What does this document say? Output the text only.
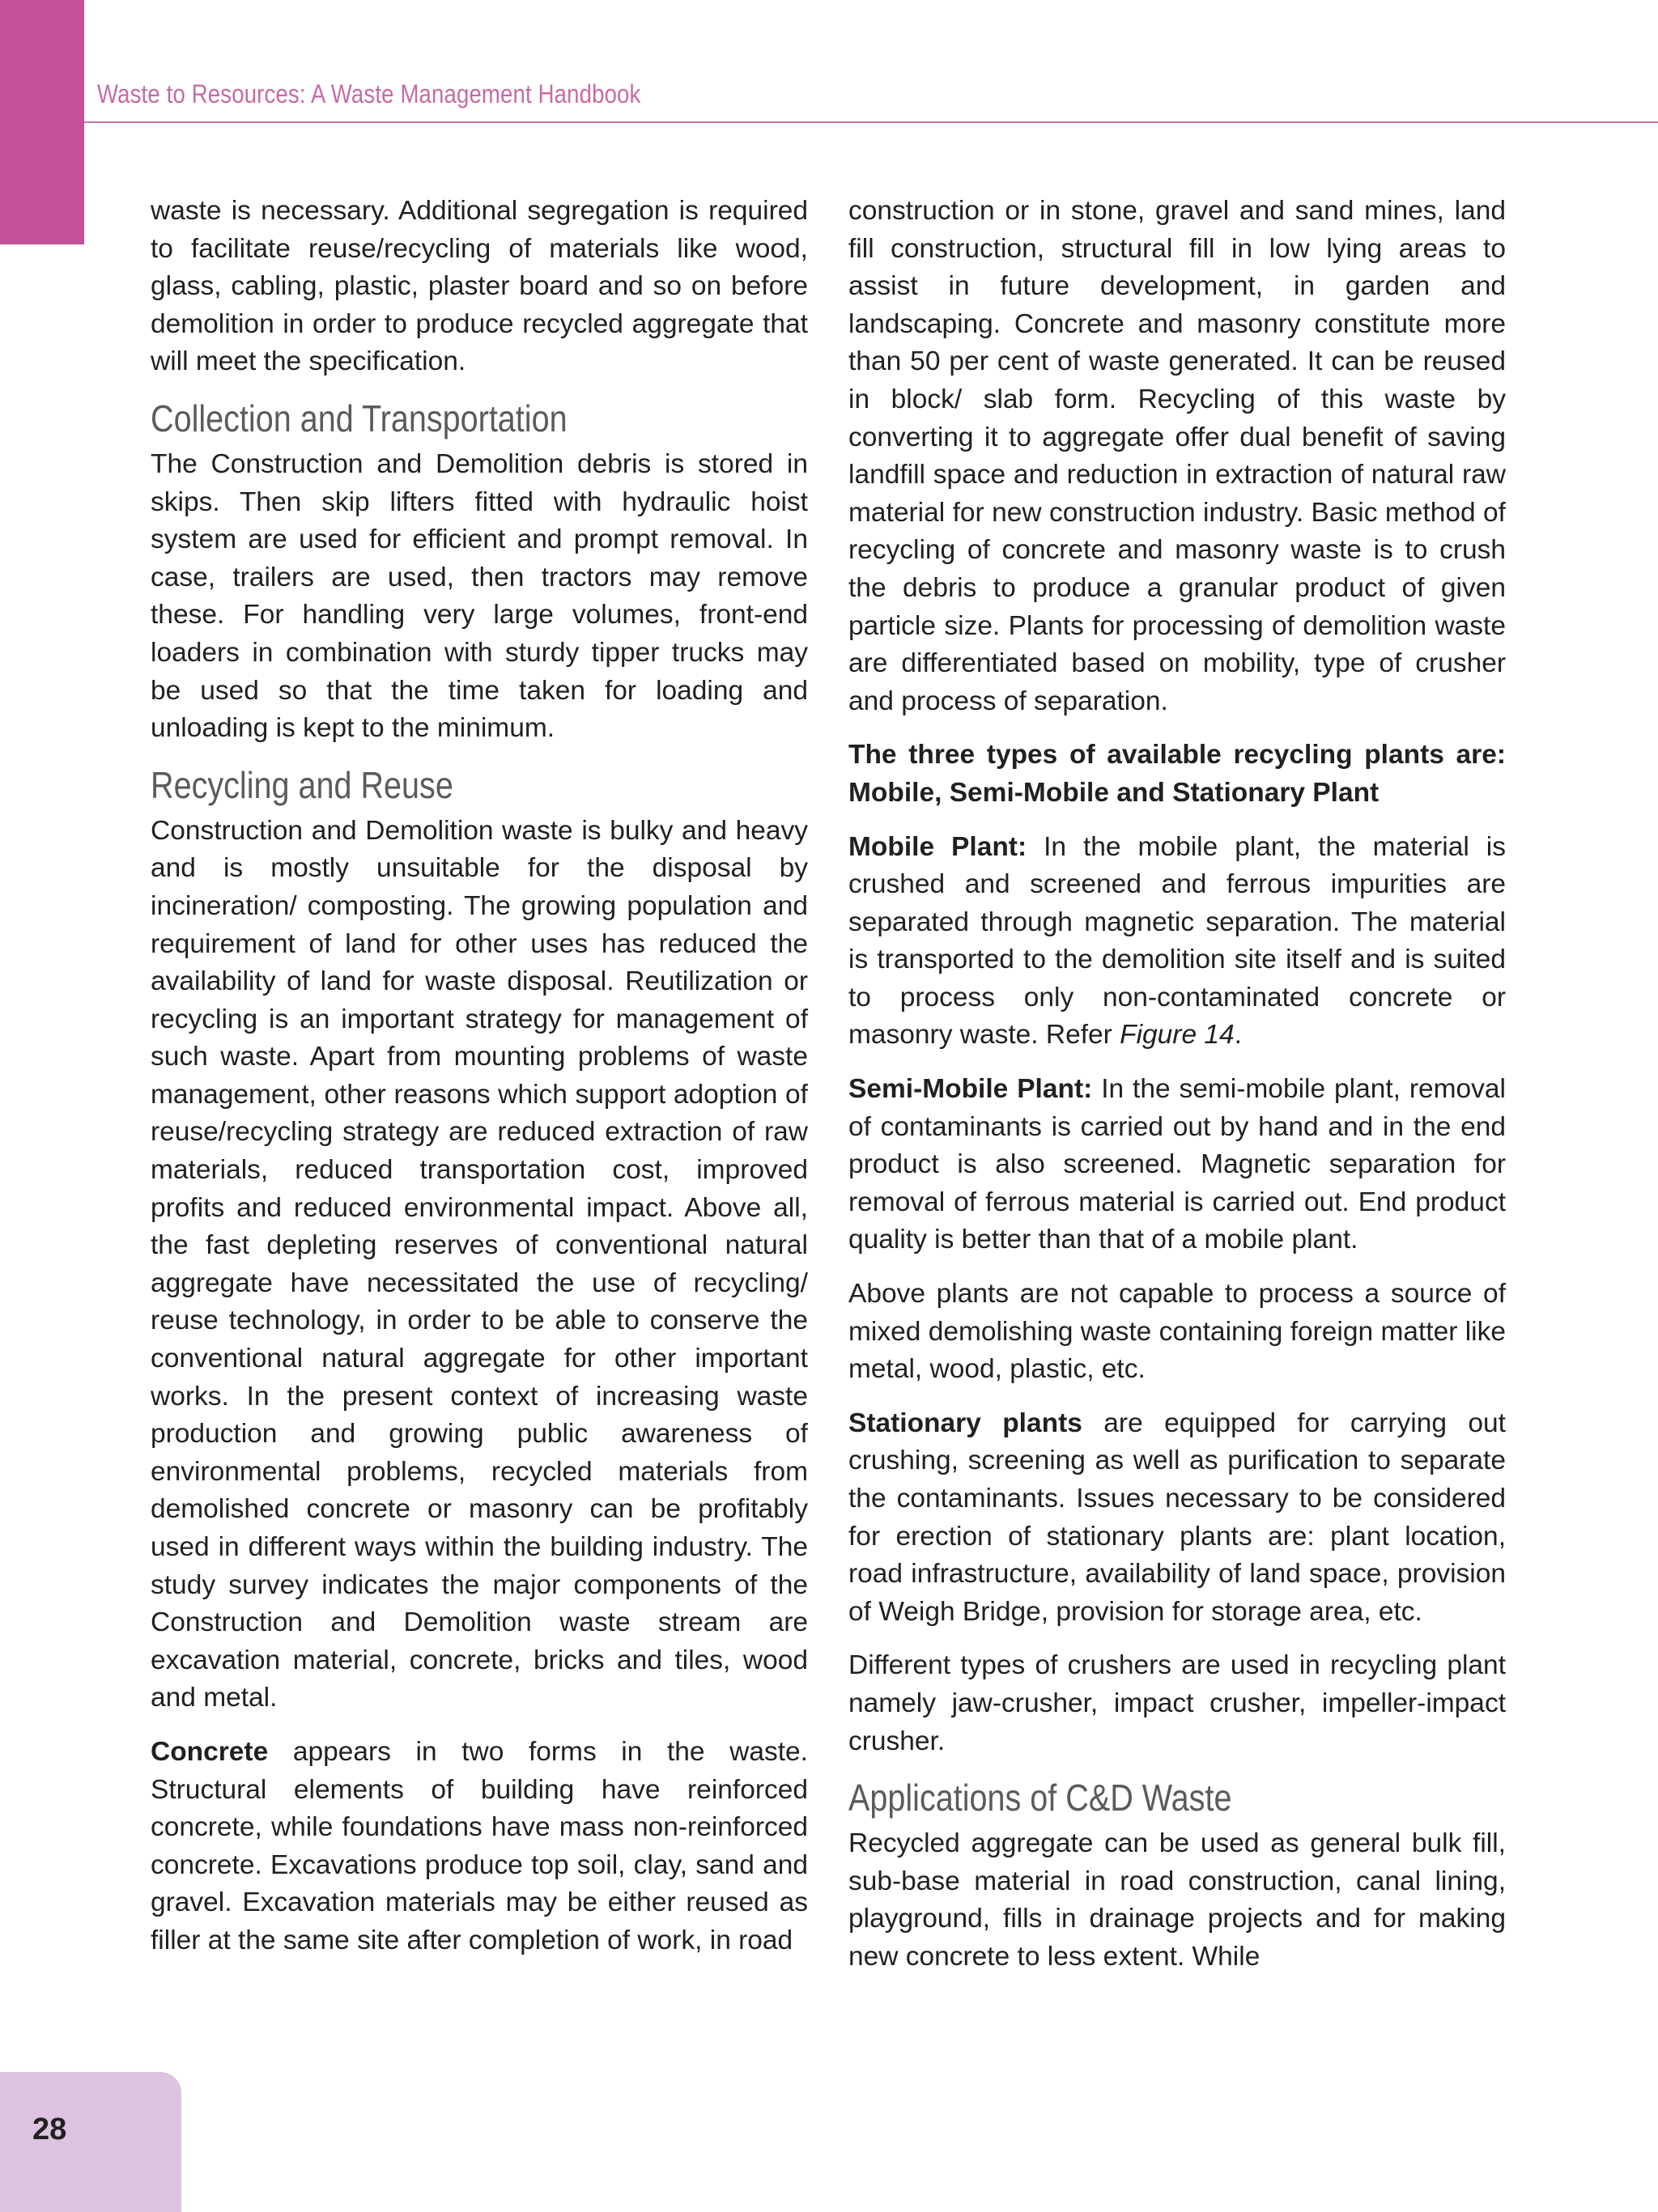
Waste to Resources: A Waste Management Handbook

waste is necessary. Additional segregation is required to facilitate reuse/recycling of materials like wood, glass, cabling, plastic, plaster board and so on before demolition in order to produce recycled aggregate that will meet the specification.

Collection and Transportation

The Construction and Demolition debris is stored in skips. Then skip lifters fitted with hydraulic hoist system are used for efficient and prompt removal. In case, trailers are used, then tractors may remove these. For handling very large volumes, front-end loaders in combination with sturdy tipper trucks may be used so that the time taken for loading and unloading is kept to the minimum.

Recycling and Reuse

Construction and Demolition waste is bulky and heavy and is mostly unsuitable for the disposal by incineration/ composting. The growing population and requirement of land for other uses has reduced the availability of land for waste disposal. Reutilization or recycling is an important strategy for management of such waste. Apart from mounting problems of waste management, other reasons which support adoption of reuse/recycling strategy are reduced extraction of raw materials, reduced transportation cost, improved profits and reduced environmental impact. Above all, the fast depleting reserves of conventional natural aggregate have necessitated the use of recycling/ reuse technology, in order to be able to conserve the conventional natural aggregate for other important works. In the present context of increasing waste production and growing public awareness of environmental problems, recycled materials from demolished concrete or masonry can be profitably used in different ways within the building industry. The study survey indicates the major components of the Construction and Demolition waste stream are excavation material, concrete, bricks and tiles, wood and metal.

Concrete appears in two forms in the waste. Structural elements of building have reinforced concrete, while foundations have mass non-reinforced concrete. Excavations produce top soil, clay, sand and gravel. Excavation materials may be either reused as filler at the same site after completion of work, in road

construction or in stone, gravel and sand mines, land fill construction, structural fill in low lying areas to assist in future development, in garden and landscaping. Concrete and masonry constitute more than 50 per cent of waste generated. It can be reused in block/ slab form. Recycling of this waste by converting it to aggregate offer dual benefit of saving landfill space and reduction in extraction of natural raw material for new construction industry. Basic method of recycling of concrete and masonry waste is to crush the debris to produce a granular product of given particle size. Plants for processing of demolition waste are differentiated based on mobility, type of crusher and process of separation.

The three types of available recycling plants are: Mobile, Semi-Mobile and Stationary Plant

Mobile Plant: In the mobile plant, the material is crushed and screened and ferrous impurities are separated through magnetic separation. The material is transported to the demolition site itself and is suited to process only non-contaminated concrete or masonry waste. Refer Figure 14.

Semi-Mobile Plant: In the semi-mobile plant, removal of contaminants is carried out by hand and in the end product is also screened. Magnetic separation for removal of ferrous material is carried out. End product quality is better than that of a mobile plant.

Above plants are not capable to process a source of mixed demolishing waste containing foreign matter like metal, wood, plastic, etc.

Stationary plants are equipped for carrying out crushing, screening as well as purification to separate the contaminants. Issues necessary to be considered for erection of stationary plants are: plant location, road infrastructure, availability of land space, provision of Weigh Bridge, provision for storage area, etc.

Different types of crushers are used in recycling plant namely jaw-crusher, impact crusher, impeller-impact crusher.

Applications of C&D Waste

Recycled aggregate can be used as general bulk fill, sub-base material in road construction, canal lining, playground, fills in drainage projects and for making new concrete to less extent. While

28
